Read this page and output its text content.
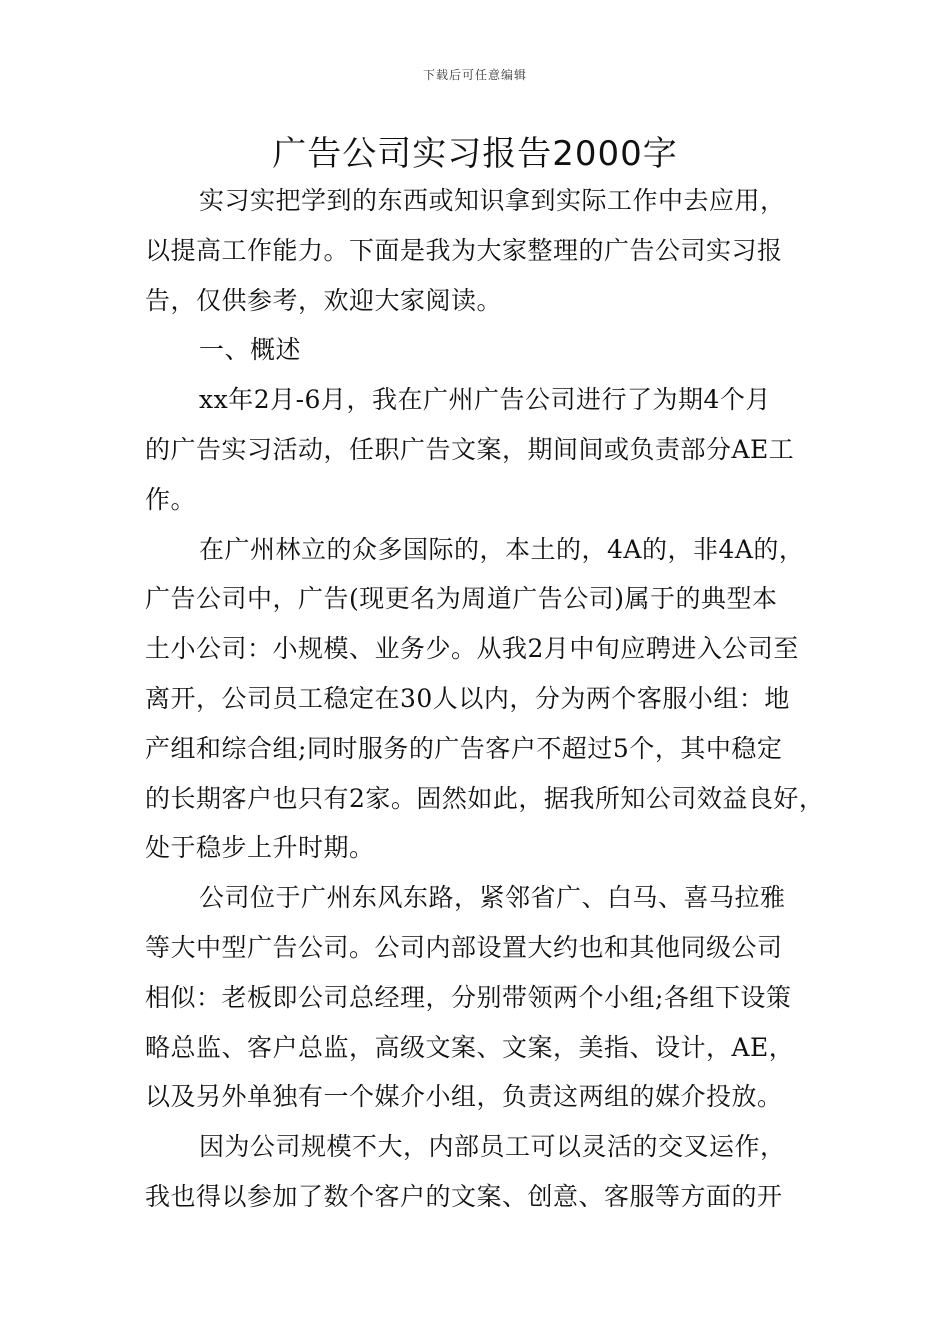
下载后可任意编辑
广告公司实习报告2000字
实习实把学到的东西或知识拿到实际工作中去应用，
以提高工作能力。下面是我为大家整理的广告公司实习报
告，仅供参考，欢迎大家阅读。
一、概述
xx年2月-6月，我在广州广告公司进行了为期4个月
的广告实习活动，任职广告文案，期间间或负责部分AE工
作。
在广州林立的众多国际的，本土的，4A的，非4A的，
广告公司中，广告(现更名为周道广告公司)属于的典型本
土小公司：小规模、业务少。从我2月中旬应聘进入公司至
离开，公司员工稳定在30人以内，分为两个客服小组：地
产组和综合组;同时服务的广告客户不超过5个，其中稳定
的长期客户也只有2家。固然如此，据我所知公司效益良好，
处于稳步上升时期。
公司位于广州东风东路，紧邻省广、白马、喜马拉雅
等大中型广告公司。公司内部设置大约也和其他同级公司
相似：老板即公司总经理，分别带领两个小组;各组下设策
略总监、客户总监，高级文案、文案，美指、设计，AE，
以及另外单独有一个媒介小组，负责这两组的媒介投放。
因为公司规模不大，内部员工可以灵活的交叉运作，
我也得以参加了数个客户的文案、创意、客服等方面的开
